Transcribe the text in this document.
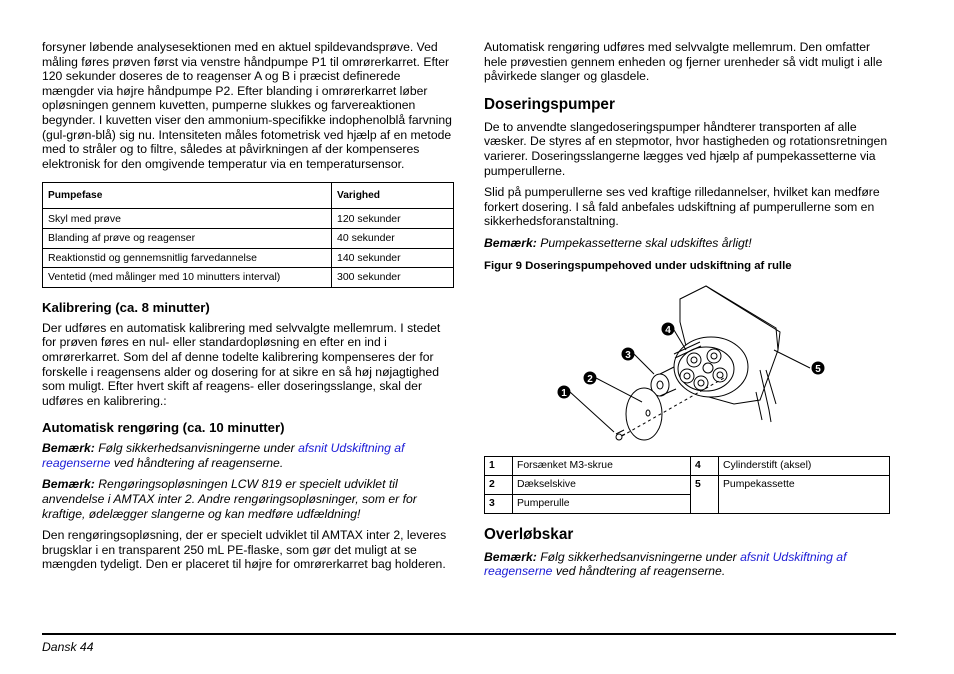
forsyner løbende analysesektionen med en aktuel spildevandsprøve. Ved måling føres prøven først via venstre håndpumpe P1 til omrørerkarret. Efter 120 sekunder doseres de to reagenser A og B i præcist definerede mængder via højre håndpumpe P2. Efter blanding i omrørerkarret løber opløsningen gennem kuvetten, pumperne slukkes og farvereaktionen begynder. I kuvetten viser den ammonium-specifikke indophenolblå farvning (gul-grøn-blå) sig nu. Intensiteten måles fotometrisk ved hjælp af en metode med to stråler og to filtre, således at påvirkningen af der kompenseres elektronisk for den omgivende temperatur via en temperatursensor.

Pumpefase	Varighed
Skyl med prøve	120 sekunder
Blanding af prøve og reagenser	40 sekunder
Reaktionstid og gennemsnitlig farvedannelse	140 sekunder
Ventetid (med målinger med 10 minutters interval)	300 sekunder
Kalibrering (ca. 8 minutter)

Der udføres en automatisk kalibrering med selvvalgte mellemrum. I stedet for prøven føres en nul- eller standardopløsning en efter en ind i omrørerkarret. Som del af denne todelte kalibrering kompenseres der for forskelle i reagensens alder og dosering for at sikre en så høj nøjagtighed som muligt. Efter hvert skift af reagens- eller doseringsslange, skal der udføres en kalibrering.:

Automatisk rengøring (ca. 10 minutter)

Bemærk: Følg sikkerhedsanvisningerne under afsnit Udskiftning af reagenserne ved håndtering af reagenserne.

Bemærk: Rengøringsopløsningen LCW 819 er specielt udviklet til anvendelse i AMTAX inter 2. Andre rengøringsopløsninger, som er for kraftige, ødelægger slangerne og kan medføre udfældning!

Den rengøringsopløsning, der er specielt udviklet til AMTAX inter 2, leveres brugsklar i en transparent 250 mL PE-flaske, som gør det muligt at se mængden tydeligt. Den er placeret til højre for omrørerkarret bag holderen.

Automatisk rengøring udføres med selvvalgte mellemrum. Den omfatter hele prøvestien gennem enheden og fjerner urenheder så vidt muligt i alle påvirkede slanger og glasdele.

Doseringspumper

De to anvendte slangedoseringspumper håndterer transporten af alle væsker. De styres af en stepmotor, hvor hastigheden og rotationsretningen varierer. Doseringsslangerne lægges ved hjælp af pumpekassetterne via pumperullerne.

Slid på pumperullerne ses ved kraftige rilledannelser, hvilket kan medføre forkert dosering. I så fald anbefales udskiftning af pumperullerne som en sikkerhedsforanstaltning.

Bemærk: Pumpekassetterne skal udskiftes årligt!

Figur 9 Doseringspumpehoved under udskiftning af rulle
1
2
3
4
5
1	Forsænket M3-skrue	4	Cylinderstift (aksel)
2	Dækselskive	5	Pumpekassette
3	Pumperulle		
Overløbskar

Bemærk: Følg sikkerhedsanvisningerne under afsnit Udskiftning af reagenserne ved håndtering af reagenserne.

Dansk 44
